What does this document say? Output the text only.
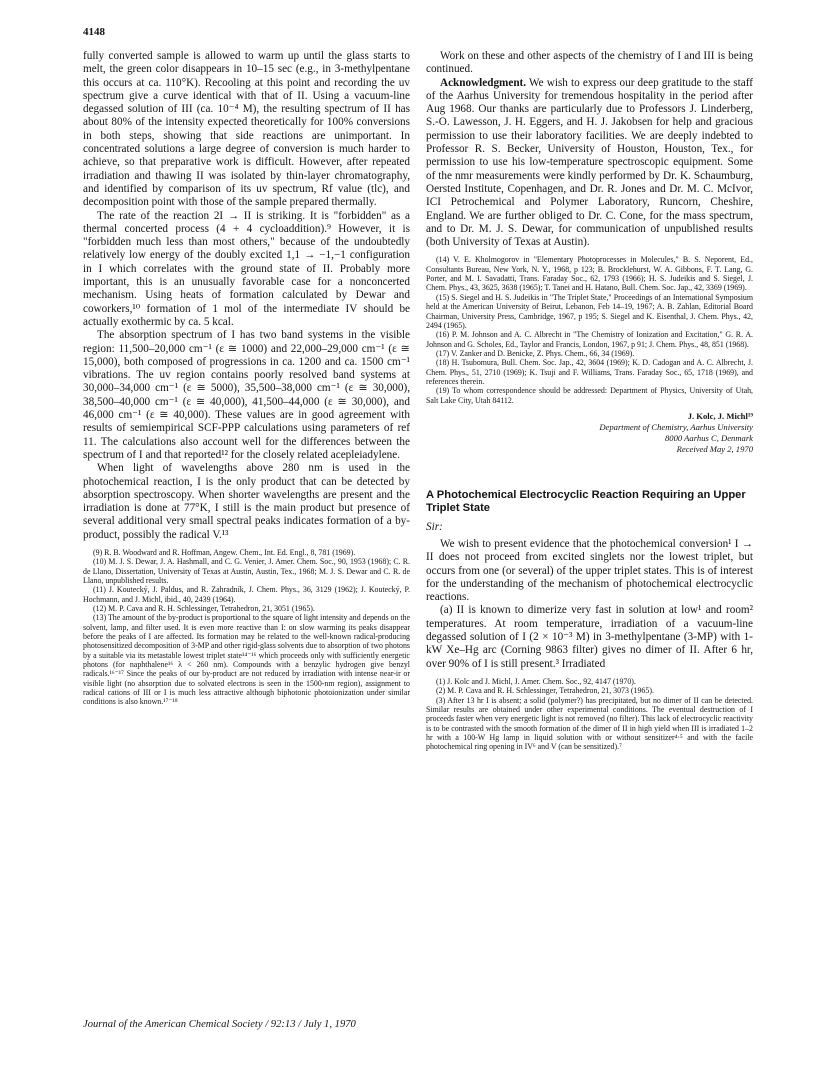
4148

fully converted sample is allowed to warm up until the glass starts to melt, the green color disappears in 10–15 sec (e.g., in 3-methylpentane this occurs at ca. 110°K). Recooling at this point and recording the uv spectrum give a curve identical with that of II. Using a vacuum-line degassed solution of III (ca. 10⁻⁴ M), the resulting spectrum of II has about 80% of the intensity expected theoretically for 100% conversions in both steps, showing that side reactions are unimportant. In concentrated solutions a large degree of conversion is much harder to achieve, so that preparative work is difficult. However, after repeated irradiation and thawing II was isolated by thin-layer chromatography, and identified by comparison of its uv spectrum, Rf value (tlc), and decomposition point with those of the sample prepared thermally.

The rate of the reaction 2I → II is striking. It is "forbidden" as a thermal concerted process (4 + 4 cycloaddition).⁹ However, it is "forbidden much less than most others," because of the undoubtedly relatively low energy of the doubly excited 1,1 → −1,−1 configuration in I which correlates with the ground state of II. Probably more important, this is an unusually favorable case for a nonconcerted mechanism. Using heats of formation calculated by Dewar and coworkers,¹⁰ formation of 1 mol of the intermediate IV should be actually exothermic by ca. 5 kcal.

The absorption spectrum of I has two band systems in the visible region: 11,500–20,000 cm⁻¹ (ε ≅ 1000) and 22,000–29,000 cm⁻¹ (ε ≅ 15,000), both composed of progressions in ca. 1200 and ca. 1500 cm⁻¹ vibrations. The uv region contains poorly resolved band systems at 30,000–34,000 cm⁻¹ (ε ≅ 5000), 35,500–38,000 cm⁻¹ (ε ≅ 30,000), 38,500–40,000 cm⁻¹ (ε ≅ 40,000), 41,500–44,000 (ε ≅ 30,000), and 46,000 cm⁻¹ (ε ≅ 40,000). These values are in good agreement with results of semiempirical SCF-PPP calculations using parameters of ref 11. The calculations also account well for the differences between the spectrum of I and that reported¹² for the closely related acepleiadylene.

When light of wavelengths above 280 nm is used in the photochemical reaction, I is the only product that can be detected by absorption spectroscopy. When shorter wavelengths are present and the irradiation is done at 77°K, I still is the main product but presence of several additional very small spectral peaks indicates formation of a by-product, possibly the radical V.¹³

(9) R. B. Woodward and R. Hoffman, Angew. Chem., Int. Ed. Engl., 8, 781 (1969).

(10) M. J. S. Dewar, J. A. Hashmall, and C. G. Venier, J. Amer. Chem. Soc., 90, 1953 (1968); C. R. de Llano, Dissertation, University of Texas at Austin, Austin, Tex., 1968; M. J. S. Dewar and C. R. de Llano, unpublished results.

(11) J. Koutecký, J. Paldus, and R. Zahradník, J. Chem. Phys., 36, 3129 (1962); J. Koutecký, P. Hochmann, and J. Michl, ibid., 40, 2439 (1964).

(12) M. P. Cava and R. H. Schlessinger, Tetrahedron, 21, 3051 (1965).

(13) The amount of the by-product is proportional to the square of light intensity and depends on the solvent, lamp, and filter used. It is even more reactive than I: on slow warming its peaks disappear before the peaks of I are affected. Its formation may be related to the well-known radical-producing photosensitized decomposition of 3-MP and other rigid-glass solvents due to absorption of two photons by a suitable via its metastable lowest triplet state¹⁴⁻¹⁶ which proceeds only with sufficiently energetic photons (for naphthalene¹⁶ λ < 260 nm). Compounds with a benzylic hydrogen give benzyl radicals.¹⁶⁻¹⁷ Since the peaks of our by-product are not reduced by irradiation with intense near-ir or visible light (no absorption due to solvated electrons is seen in the 1500-nm region), assignment to radical cations of III or I is much less attractive although biphotonic photoionization under similar conditions is also known.¹⁷⁻¹⁸

Work on these and other aspects of the chemistry of I and III is being continued.

Acknowledgment. We wish to express our deep gratitude to the staff of the Aarhus University for tremendous hospitality in the period after Aug 1968. Our thanks are particularly due to Professors J. Linderberg, S.-O. Lawesson, J. H. Eggers, and H. J. Jakobsen for help and gracious permission to use their laboratory facilities. We are deeply indebted to Professor R. S. Becker, University of Houston, Houston, Tex., for permission to use his low-temperature spectroscopic equipment. Some of the nmr measurements were kindly performed by Dr. K. Schaumburg, Oersted Institute, Copenhagen, and Dr. R. Jones and Dr. M. C. McIvor, ICI Petrochemical and Polymer Laboratory, Runcorn, Cheshire, England. We are further obliged to Dr. C. Cone, for the mass spectrum, and to Dr. M. J. S. Dewar, for communication of unpublished results (both University of Texas at Austin).

(14) V. E. Kholmogorov in "Elementary Photoprocesses in Molecules," B. S. Neporent, Ed., Consultants Bureau, New York, N. Y., 1968, p 123; B. Brocklehurst, W. A. Gibbons, F. T. Lang, G. Porter, and M. I. Savadatti, Trans. Faraday Soc., 62, 1793 (1966); H. S. Judeikis and S. Siegel, J. Chem. Phys., 43, 3625, 3638 (1965); T. Tanei and H. Hatano, Bull. Chem. Soc. Jap., 42, 3369 (1969).

(15) S. Siegel and H. S. Judeikis in "The Triplet State," Proceedings of an International Symposium held at the American University of Beirut, Lebanon, Feb 14–19, 1967; A. B. Zahlan, Editorial Board Chairman, University Press, Cambridge, 1967, p 195; S. Siegel and K. Eisenthal, J. Chem. Phys., 42, 2494 (1965).

(16) P. M. Johnson and A. C. Albrecht in "The Chemistry of Ionization and Excitation," G. R. A. Johnson and G. Scholes, Ed., Taylor and Francis, London, 1967, p 91; J. Chem. Phys., 48, 851 (1968).

(17) V. Zanker and D. Benicke, Z. Phys. Chem., 66, 34 (1969).

(18) H. Tsubomura, Bull. Chem. Soc. Jap., 42, 3604 (1969); K. D. Cadogan and A. C. Albrecht, J. Chem. Phys., 51, 2710 (1969); K. Tsuji and F. Williams, Trans. Faraday Soc., 65, 1718 (1969), and references therein.

(19) To whom correspondence should be addressed: Department of Physics, University of Utah, Salt Lake City, Utah 84112.

J. Kolc, J. Michl¹⁹
Department of Chemistry, Aarhus University
8000 Aarhus C, Denmark
Received May 2, 1970
A Photochemical Electrocyclic Reaction Requiring an Upper Triplet State
Sir:

We wish to present evidence that the photochemical conversion¹ I → II does not proceed from excited singlets nor the lowest triplet, but occurs from one (or several) of the upper triplet states. This is of interest for the understanding of the mechanism of photochemical electrocyclic reactions.

(a) II is known to dimerize very fast in solution at low¹ and room² temperatures. At room temperature, irradiation of a vacuum-line degassed solution of I (2 × 10⁻³ M) in 3-methylpentane (3-MP) with 1-kW Xe–Hg arc (Corning 9863 filter) gives no dimer of II. After 6 hr, over 90% of I is still present.³ Irradiated

(1) J. Kolc and J. Michl, J. Amer. Chem. Soc., 92, 4147 (1970).

(2) M. P. Cava and R. H. Schlessinger, Tetrahedron, 21, 3073 (1965).

(3) After 13 hr I is absent; a solid (polymer?) has precipitated, but no dimer of II can be detected. Similar results are obtained under other experimental conditions. The eventual destruction of I proceeds faster when very energetic light is not removed (no filter). This lack of electrocyclic reactivity is to be contrasted with the smooth formation of the dimer of II in high yield when III is irradiated 1–2 hr with a 100-W Hg lamp in liquid solution with or without sensitizer⁴·⁵ and with the facile photochemical ring opening in IV⁶ and V (can be sensitized).⁷

Journal of the American Chemical Society / 92:13 / July 1, 1970
